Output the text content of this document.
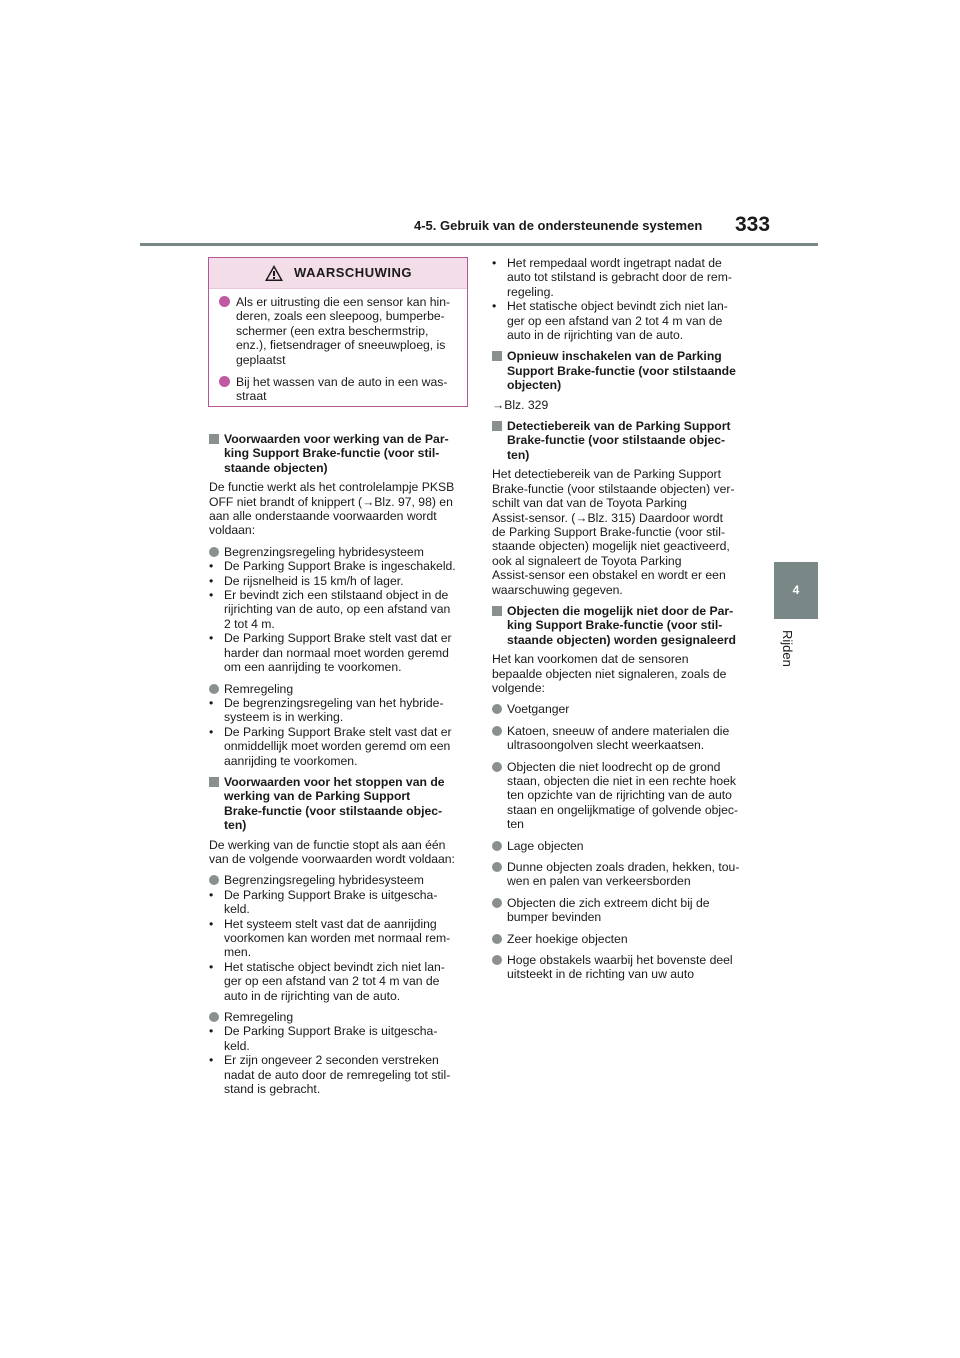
4-5. Gebruik van de ondersteunende systemen 333
4
Rijden
WAARSCHUWING
Als er uitrusting die een sensor kan hin-
deren, zoals een sleepoog, bumperbe-
schermer (een extra beschermstrip,
enz.), fietsendrager of sneeuwploeg, is
geplaatst
Bij het wassen van de auto in een was-
straat
Voorwaarden voor werking van de Par-
king Support Brake-functie (voor stil-
staande objecten)
De functie werkt als het controlelampje PKSB
OFF niet brandt of knippert (→Blz. 97, 98) en
aan alle onderstaande voorwaarden wordt
voldaan:
Begrenzingsregeling hybridesysteem
• De Parking Support Brake is ingeschakeld.
• De rijsnelheid is 15 km/h of lager.
• Er bevindt zich een stilstaand object in de
rijrichting van de auto, op een afstand van
2 tot 4 m.
• De Parking Support Brake stelt vast dat er
harder dan normaal moet worden geremd
om een aanrijding te voorkomen.
Remregeling
• De begrenzingsregeling van het hybride-
systeem is in werking.
• De Parking Support Brake stelt vast dat er
onmiddellijk moet worden geremd om een
aanrijding te voorkomen.
Voorwaarden voor het stoppen van de
werking van de Parking Support
Brake-functie (voor stilstaande objec-
ten)
De werking van de functie stopt als aan één
van de volgende voorwaarden wordt voldaan:
Begrenzingsregeling hybridesysteem
• De Parking Support Brake is uitgescha-
keld.
• Het systeem stelt vast dat de aanrijding
voorkomen kan worden met normaal rem-
men.
• Het statische object bevindt zich niet lan-
ger op een afstand van 2 tot 4 m van de
auto in de rijrichting van de auto.
Remregeling
• De Parking Support Brake is uitgescha-
keld.
• Er zijn ongeveer 2 seconden verstreken
nadat de auto door de remregeling tot stil-
stand is gebracht.
• Het rempedaal wordt ingetrapt nadat de
auto tot stilstand is gebracht door de rem-
regeling.
• Het statische object bevindt zich niet lan-
ger op een afstand van 2 tot 4 m van de
auto in de rijrichting van de auto.
Opnieuw inschakelen van de Parking
Support Brake-functie (voor stilstaande
objecten)
→Blz. 329
Detectiebereik van de Parking Support
Brake-functie (voor stilstaande objec-
ten)
Het detectiebereik van de Parking Support
Brake-functie (voor stilstaande objecten) ver-
schilt van dat van de Toyota Parking
Assist-sensor. (→Blz. 315) Daardoor wordt
de Parking Support Brake-functie (voor stil-
staande objecten) mogelijk niet geactiveerd,
ook al signaleert de Toyota Parking
Assist-sensor een obstakel en wordt er een
waarschuwing gegeven.
Objecten die mogelijk niet door de Par-
king Support Brake-functie (voor stil-
staande objecten) worden gesignaleerd
Het kan voorkomen dat de sensoren
bepaalde objecten niet signaleren, zoals de
volgende:
Voetganger
Katoen, sneeuw of andere materialen die
ultrasoongolven slecht weerkaatsen.
Objecten die niet loodrecht op de grond
staan, objecten die niet in een rechte hoek
ten opzichte van de rijrichting van de auto
staan en ongelijkmatige of golvende objec-
ten
Lage objecten
Dunne objecten zoals draden, hekken, tou-
wen en palen van verkeersborden
Objecten die zich extreem dicht bij de
bumper bevinden
Zeer hoekige objecten
Hoge obstakels waarbij het bovenste deel
uitsteekt in de richting van uw auto
